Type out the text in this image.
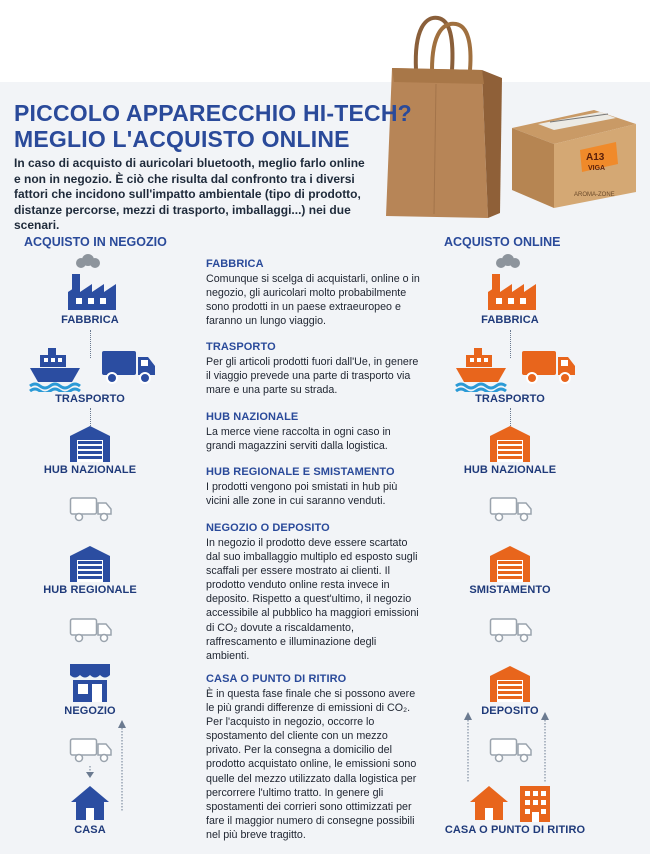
A13
VIGA
AROMA-ZONE
PICCOLO APPARECCHIO HI-TECH?
MEGLIO L'ACQUISTO ONLINE

In caso di acquisto di auricolari bluetooth, meglio farlo online e non in negozio. È ciò che risulta dal confronto tra i diversi fattori che incidono sull'impatto ambientale (tipo di prodotto, distanze percorse, mezzi di trasporto, imballaggi...) nei due scenari.

ACQUISTO IN NEGOZIO	ACQUISTO ONLINE
FABBRICA
TRASPORTO
HUB NAZIONALE
HUB REGIONALE
NEGOZIO
CASA
FABBRICA
TRASPORTO
HUB NAZIONALE
SMISTAMENTO
DEPOSITO
CASA O PUNTO DI RITIRO
FABBRICA

Comunque si scelga di acquistarli, online o in negozio, gli auricolari molto probabilmente sono prodotti in un paese extraeuropeo e faranno un lungo viaggio.

TRASPORTO

Per gli articoli prodotti fuori dall'Ue, in genere il viaggio prevede una parte di trasporto via mare e una parte su strada.

HUB NAZIONALE

La merce viene raccolta in ogni caso in grandi magazzini serviti dalla logistica.

HUB REGIONALE E SMISTAMENTO

I prodotti vengono poi smistati in hub più vicini alle zone in cui saranno venduti.

NEGOZIO O DEPOSITO

In negozio il prodotto deve essere scartato dal suo imballaggio multiplo ed esposto sugli scaffali per essere mostrato ai clienti. Il prodotto venduto online resta invece in deposito. Rispetto a quest'ultimo, il negozio accessibile al pubblico ha maggiori emissioni di CO₂ dovute a riscaldamento, raffrescamento e illuminazione degli ambienti.

CASA O PUNTO DI RITIRO

È in questa fase finale che si possono avere le più grandi differenze di emissioni di CO₂. Per l'acquisto in negozio, occorre lo spostamento del cliente con un mezzo privato. Per la consegna a domicilio del prodotto acquistato online, le emissioni sono quelle del mezzo utilizzato dalla logistica per percorrere l'ultimo tratto. In genere gli spostamenti dei corrieri sono ottimizzati per fare il maggior numero di consegne possibili nel più breve tragitto.
